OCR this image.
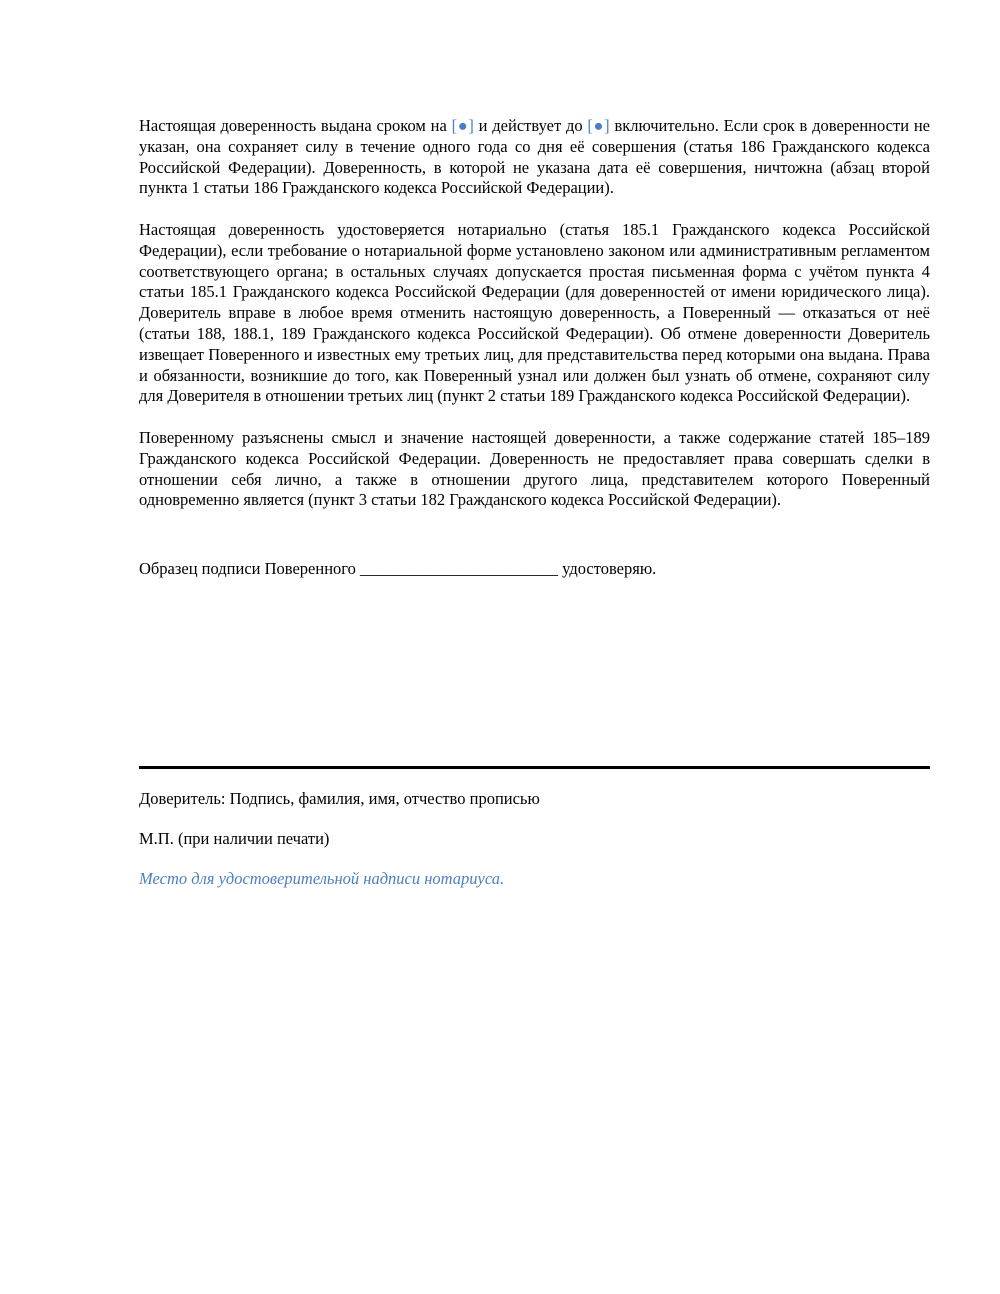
Настоящая доверенность выдана сроком на [●] и действует до [●] включительно. Если срок в доверенности не указан, она сохраняет силу в течение одного года со дня её совершения (статья 186 Гражданского кодекса Российской Федерации). Доверенность, в которой не указана дата её совершения, ничтожна (абзац второй пункта 1 статьи 186 Гражданского кодекса Российской Федерации).

Настоящая доверенность удостоверяется нотариально (статья 185.1 Гражданского кодекса Российской Федерации), если требование о нотариальной форме установлено законом или административным регламентом соответствующего органа; в остальных случаях допускается простая письменная форма с учётом пункта 4 статьи 185.1 Гражданского кодекса Российской Федерации (для доверенностей от имени юридического лица). Доверитель вправе в любое время отменить настоящую доверенность, а Поверенный — отказаться от неё (статьи 188, 188.1, 189 Гражданского кодекса Российской Федерации). Об отмене доверенности Доверитель извещает Поверенного и известных ему третьих лиц, для представительства перед которыми она выдана. Права и обязанности, возникшие до того, как Поверенный узнал или должен был узнать об отмене, сохраняют силу для Доверителя в отношении третьих лиц (пункт 2 статьи 189 Гражданского кодекса Российской Федерации).

Поверенному разъяснены смысл и значение настоящей доверенности, а также содержание статей 185–189 Гражданского кодекса Российской Федерации. Доверенность не предоставляет права совершать сделки в отношении себя лично, а также в отношении другого лица, представителем которого Поверенный одновременно является (пункт 3 статьи 182 Гражданского кодекса Российской Федерации).

Образец подписи Поверенного ________________________ удостоверяю.

Доверитель: Подпись, фамилия, имя, отчество прописью

М.П. (при наличии печати)

Место для удостоверительной надписи нотариуса.
